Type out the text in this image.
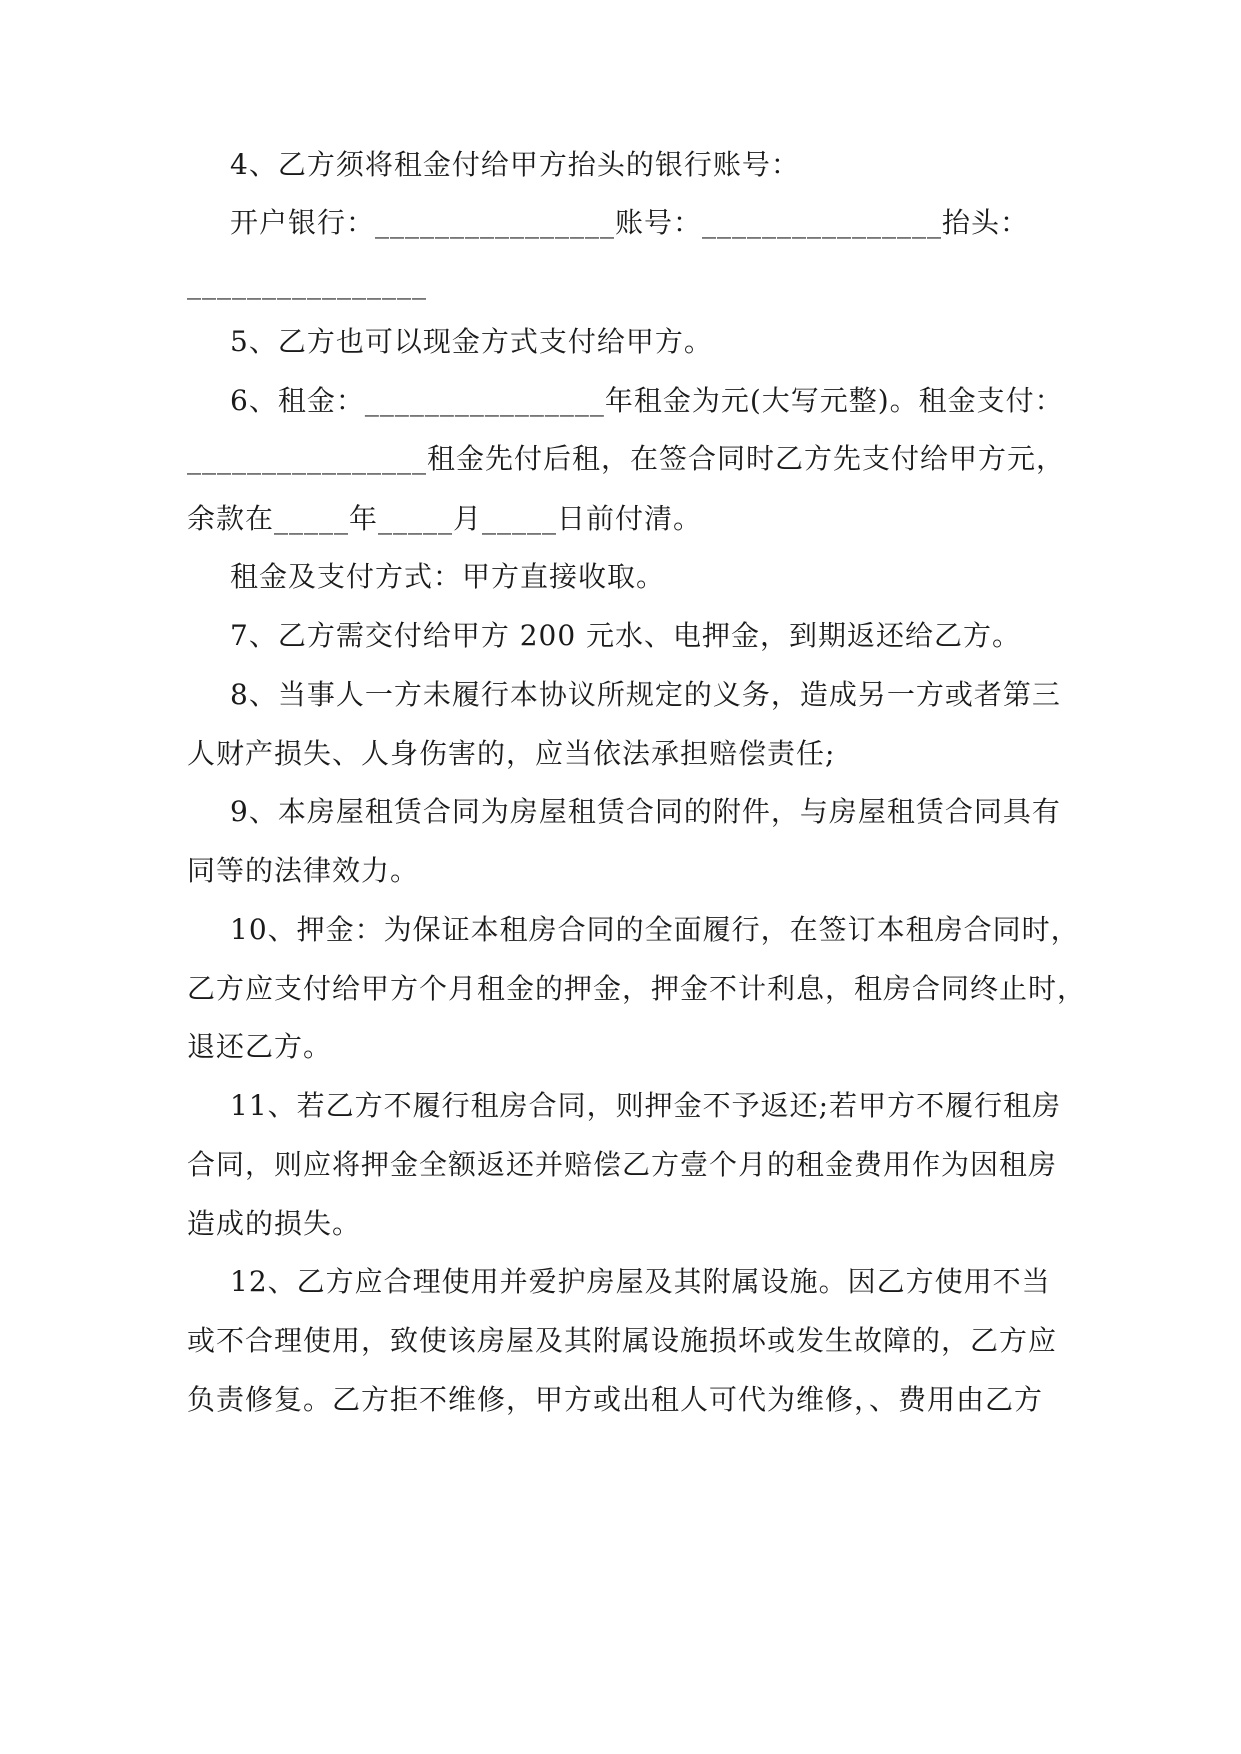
4、乙方须将租金付给甲方抬头的银行账号：
开户银行：________________账号：________________抬头：
________________
5、乙方也可以现金方式支付给甲方。
6、租金：________________年租金为元(大写元整)。租金支付：
________________租金先付后租，在签合同时乙方先支付给甲方元，
余款在_____年_____月_____日前付清。
租金及支付方式：甲方直接收取。
7、乙方需交付给甲方 200 元水、电押金，到期返还给乙方。
8、当事人一方未履行本协议所规定的义务，造成另一方或者第三
人财产损失、人身伤害的，应当依法承担赔偿责任;
9、本房屋租赁合同为房屋租赁合同的附件，与房屋租赁合同具有
同等的法律效力。
10、押金：为保证本租房合同的全面履行，在签订本租房合同时，
乙方应支付给甲方个月租金的押金，押金不计利息，租房合同终止时，
退还乙方。
11、若乙方不履行租房合同，则押金不予返还;若甲方不履行租房
合同，则应将押金全额返还并赔偿乙方壹个月的租金费用作为因租房
造成的损失。
12、乙方应合理使用并爱护房屋及其附属设施。因乙方使用不当
或不合理使用，致使该房屋及其附属设施损坏或发生故障的，乙方应
负责修复。乙方拒不维修，甲方或出租人可代为维修，、费用由乙方
